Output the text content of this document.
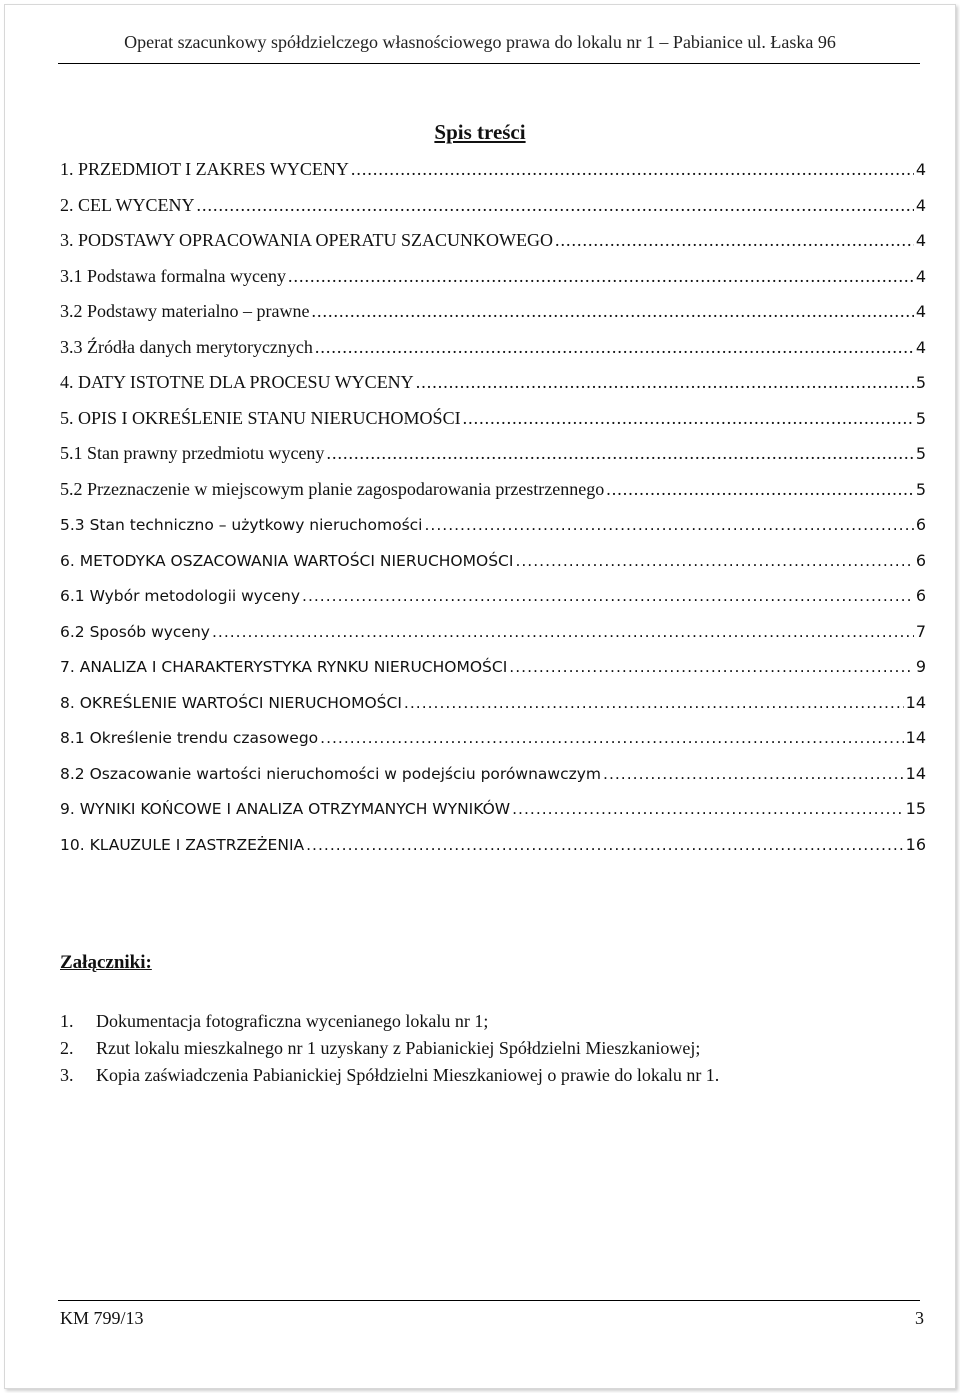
Operat szacunkowy spółdzielczego własnościowego prawa do lokalu nr 1 – Pabianice ul. Łaska 96
Spis treści
1. PRZEDMIOT I ZAKRES WYCENY .....	4
2. CEL WYCENY .....	4
3. PODSTAWY OPRACOWANIA OPERATU SZACUNKOWEGO .....	4
3.1 Podstawa formalna wyceny .....	4
3.2 Podstawy materialno – prawne .....	4
3.3 Źródła danych merytorycznych .....	4
4. DATY ISTOTNE DLA PROCESU WYCENY .....	5
5. OPIS I OKREŚLENIE STANU NIERUCHOMOŚCI .....	5
5.1 Stan prawny przedmiotu wyceny .....	5
5.2 Przeznaczenie w miejscowym planie zagospodarowania przestrzennego .....	5
5.3 Stan techniczno – użytkowy nieruchomości .....	6
6. METODYKA OSZACOWANIA WARTOŚCI NIERUCHOMOŚCI .....	6
6.1 Wybór metodologii wyceny .....	6
6.2 Sposób wyceny .....	7
7. ANALIZA I CHARAKTERYSTYKA RYNKU NIERUCHOMOŚCI .....	9
8. OKREŚLENIE WARTOŚCI NIERUCHOMOŚCI .....	14
8.1 Określenie trendu czasowego .....	14
8.2 Oszacowanie wartości nieruchomości w podejściu porównawczym .....	14
9. WYNIKI KOŃCOWE I ANALIZA OTRZYMANYCH WYNIKÓW .....	15
10. KLAUZULE I ZASTRZEŻENIA .....	16
Załączniki:
1.	Dokumentacja fotograficzna wycenianego lokalu nr 1;
2.	Rzut lokalu mieszkalnego nr 1 uzyskany z Pabianickiej Spółdzielni Mieszkaniowej;
3.	Kopia zaświadczenia Pabianickiej Spółdzielni Mieszkaniowej o prawie do lokalu nr 1.
KM 799/13	3
